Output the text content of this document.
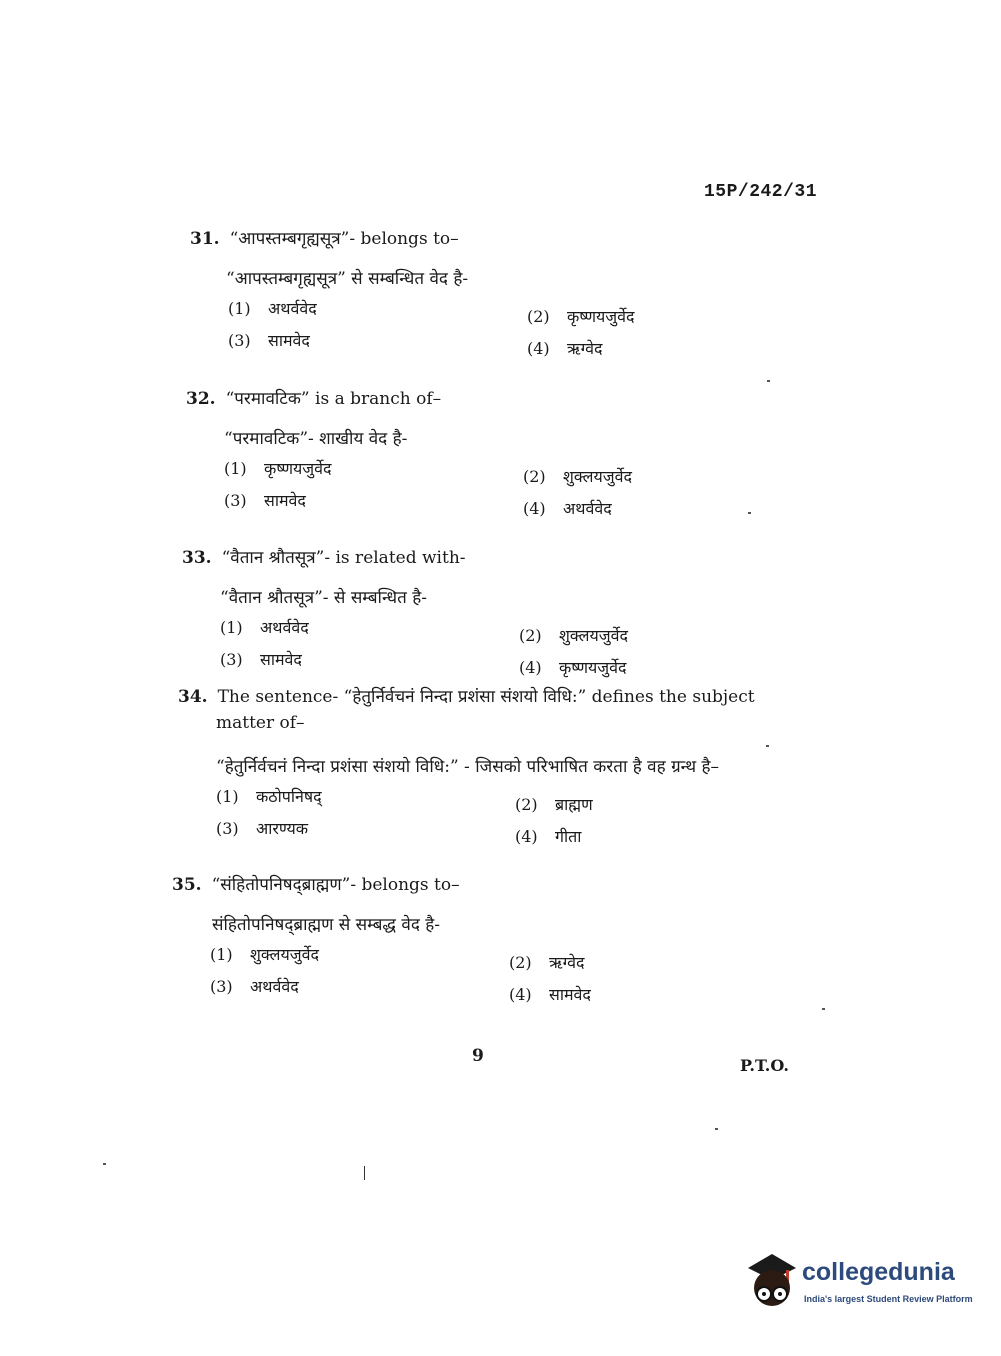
15P/242/31
31. “आपस्तम्बगृह्यसूत्र”- belongs to–
“आपस्तम्बगृह्यसूत्र” से सम्बन्धित वेद है-
(1) अथर्ववेद	(2) कृष्णयजुर्वेद
(3) सामवेद	(4) ऋग्वेद
32. “परमावटिक” is a branch of–
“परमावटिक”- शाखीय वेद है-
(1) कृष्णयजुर्वेद	(2) शुक्लयजुर्वेद
(3) सामवेद	(4) अथर्ववेद
33. “वैतान श्रौतसूत्र”- is related with-
“वैतान श्रौतसूत्र”- से सम्बन्धित है-
(1) अथर्ववेद	(2) शुक्लयजुर्वेद
(3) सामवेद	(4) कृष्णयजुर्वेद
34. The sentence- “हेतुर्निर्वचनं निन्दा प्रशंसा संशयो विधि:” defines the subject matter of–
“हेतुर्निर्वचनं निन्दा प्रशंसा संशयो विधि:” - जिसको परिभाषित करता है वह ग्रन्थ है–
(1) कठोपनिषद्	(2) ब्राह्मण
(3) आरण्यक	(4) गीता
35. “संहितोपनिषद्ब्राह्मण”- belongs to–
संहितोपनिषद्ब्राह्मण से सम्बद्ध वेद है-
(1) शुक्लयजुर्वेद	(2) ऋग्वेद
(3) अथर्ववेद	(4) सामवेद
9	P.T.O.
collegedunia
India's largest Student Review Platform
